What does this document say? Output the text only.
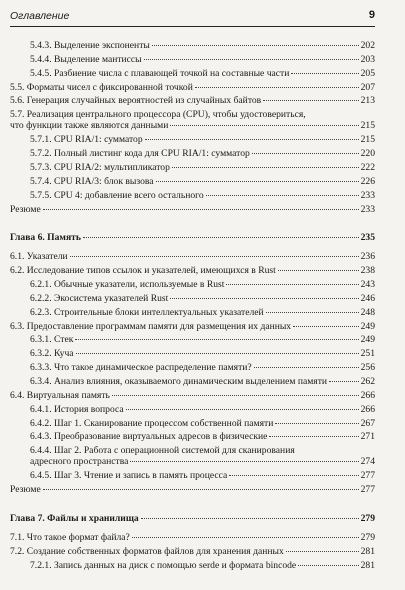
Оглавление	9
5.4.3. Выделение экспоненты	202
5.4.4. Выделение мантиссы	203
5.4.5. Разбиение числа с плавающей точкой на составные части	205
5.5. Форматы чисел с фиксированной точкой	207
5.6. Генерация случайных вероятностей из случайных байтов	213
5.7. Реализация центрального процессора (CPU), чтобы удостовериться,
что функции также являются данными	215
5.7.1. CPU RIA/1: сумматор	215
5.7.2. Полный листинг кода для CPU RIA/1: сумматор	220
5.7.3. CPU RIA/2: мультипликатор	222
5.7.4. CPU RIA/3: блок вызова	226
5.7.5. CPU 4: добавление всего остального	233
Резюме	233
Глава 6. Память	235
6.1. Указатели	236
6.2. Исследование типов ссылок и указателей, имеющихся в Rust	238
6.2.1. Обычные указатели, используемые в Rust	243
6.2.2. Экосистема указателей Rust	246
6.2.3. Строительные блоки интеллектуальных указателей	248
6.3. Предоставление программам памяти для размещения их данных	249
6.3.1. Стек	249
6.3.2. Куча	251
6.3.3. Что такое динамическое распределение памяти?	256
6.3.4. Анализ влияния, оказываемого динамическим выделением памяти	262
6.4. Виртуальная память	266
6.4.1. История вопроса	266
6.4.2. Шаг 1. Сканирование процессом собственной памяти	267
6.4.3. Преобразование виртуальных адресов в физические	271
6.4.4. Шаг 2. Работа с операционной системой для сканирования
адресного пространства	274
6.4.5. Шаг 3. Чтение и запись в память процесса	277
Резюме	277
Глава 7. Файлы и хранилища	279
7.1. Что такое формат файла?	279
7.2. Создание собственных форматов файлов для хранения данных	281
7.2.1. Запись данных на диск с помощью serde и формата bincode	281
